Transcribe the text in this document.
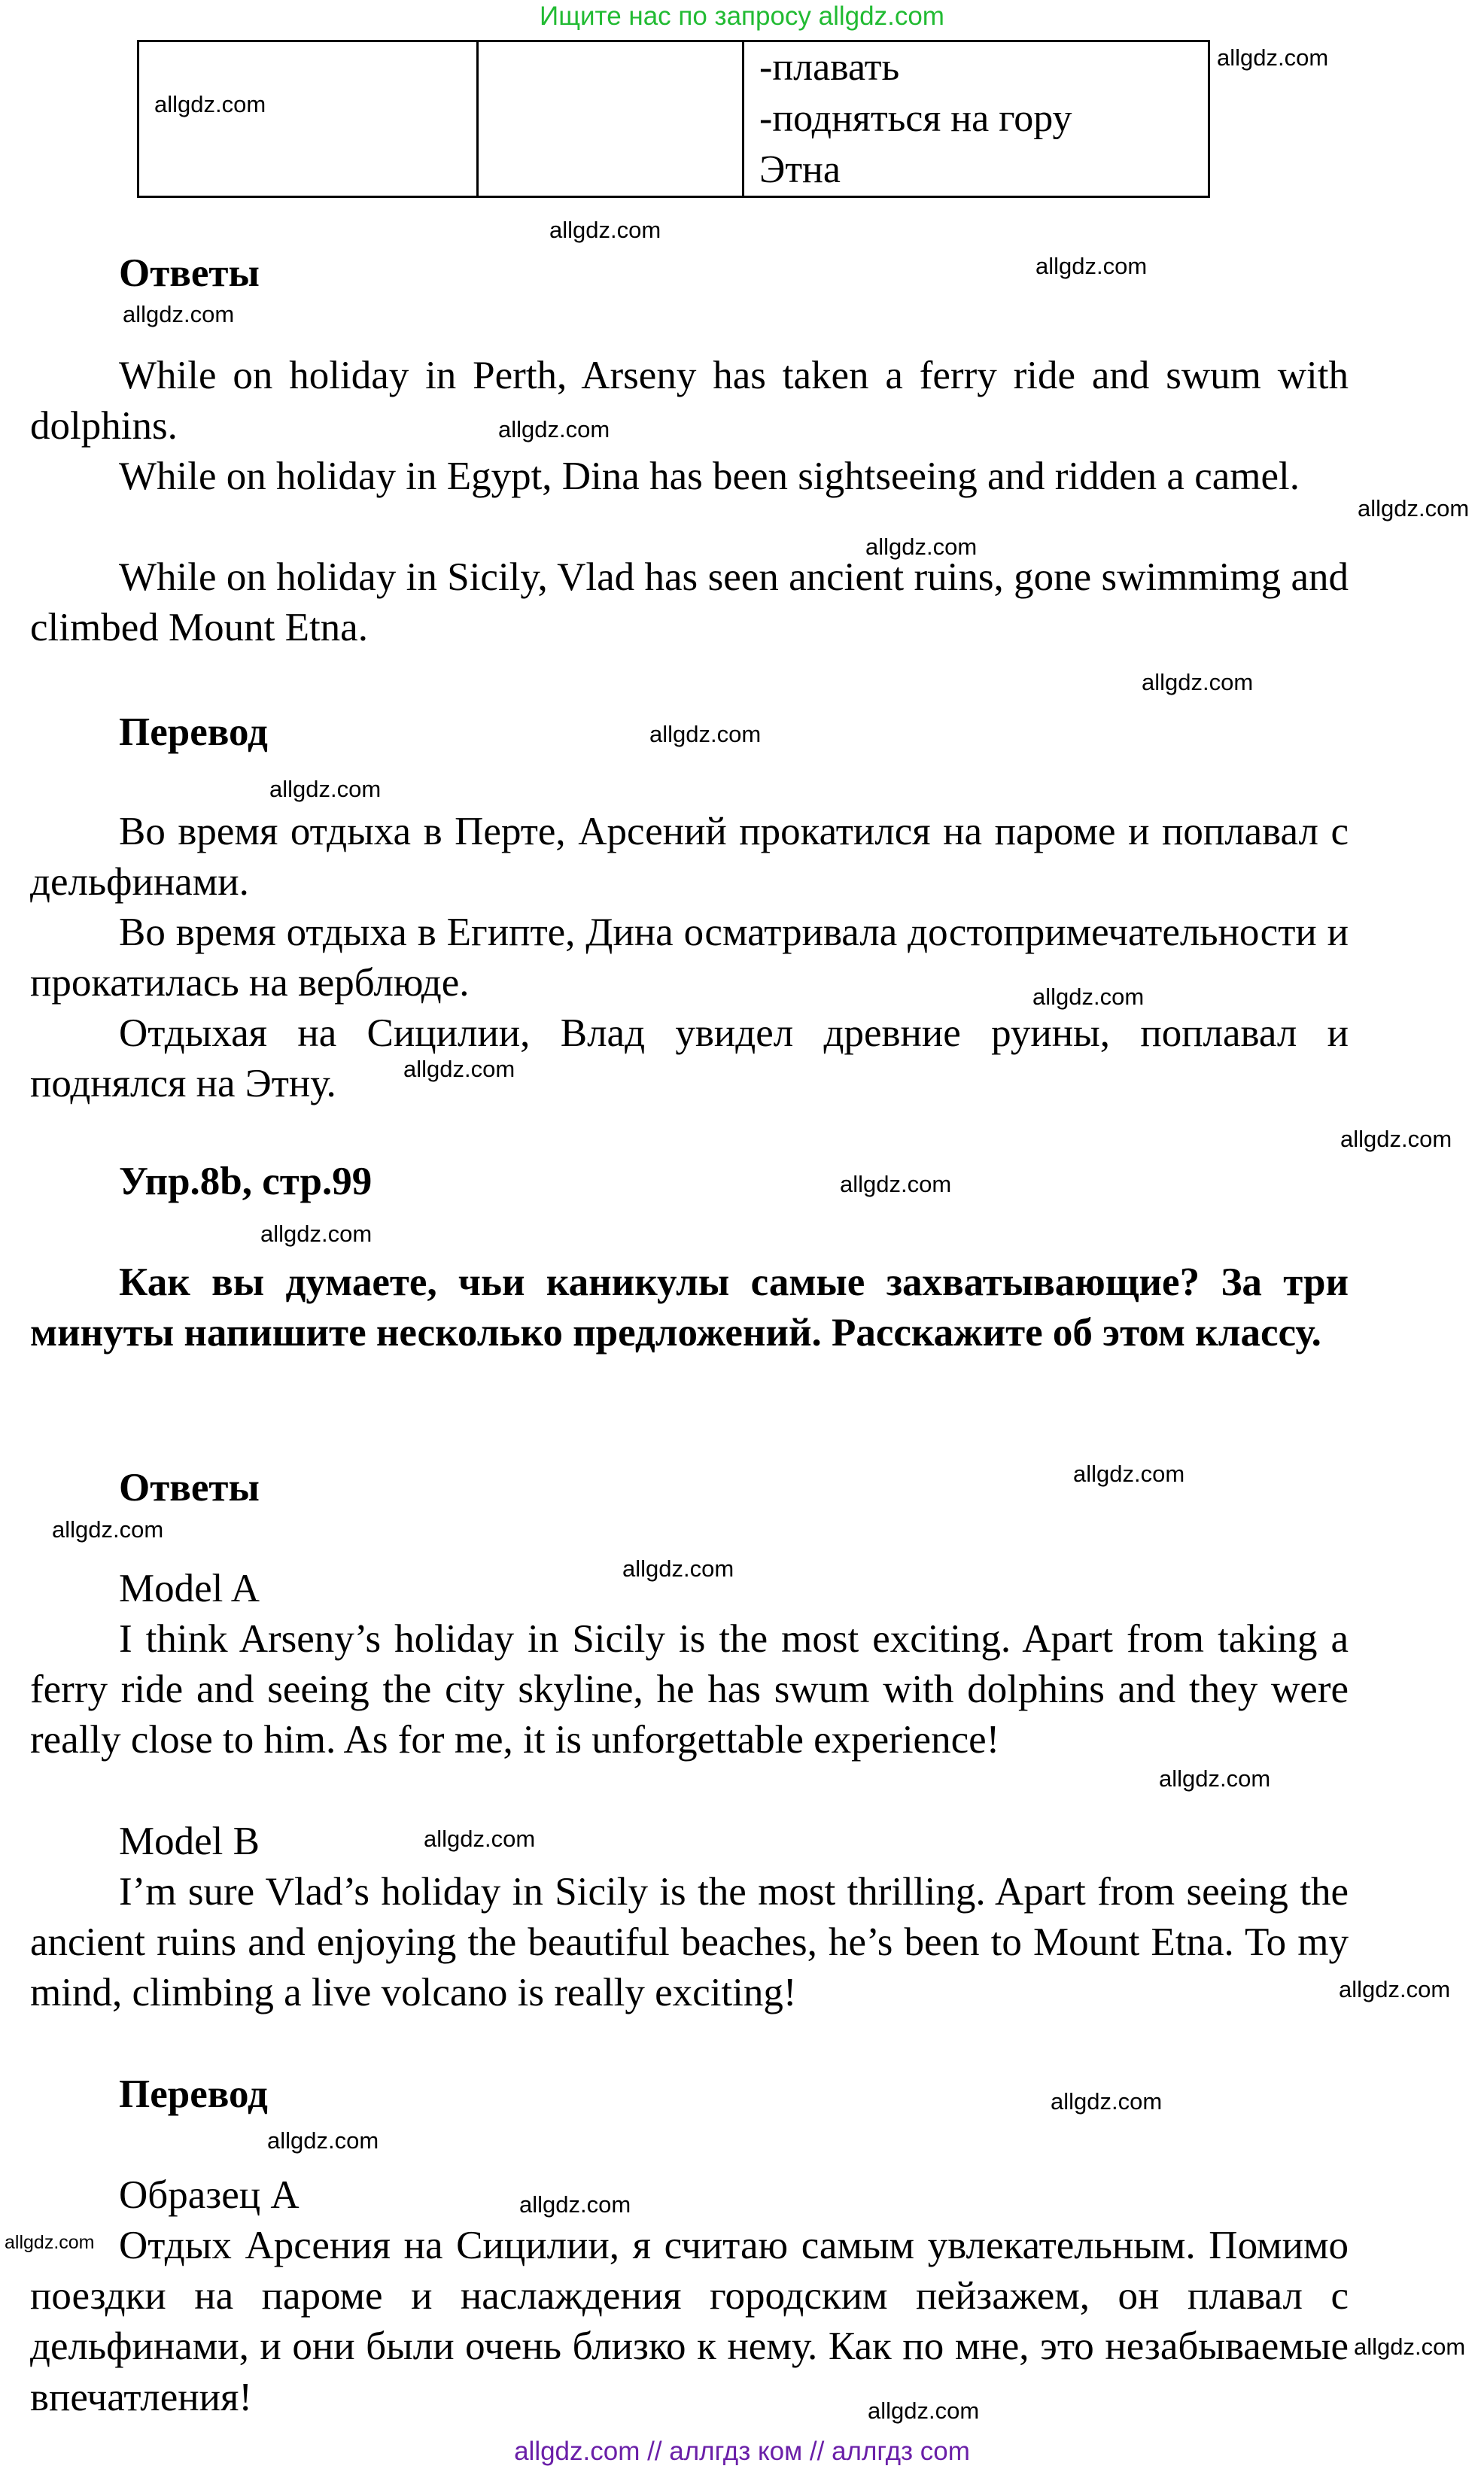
Ищите нас по запросу allgdz.com
		-плавать
-подняться на гору
Этна
Ответы
While on holiday in Perth, Arseny has taken a ferry ride and swum with dolphins.
While on holiday in Egypt, Dina has been sightseeing and ridden a camel.
While on holiday in Sicily, Vlad has seen ancient ruins, gone swimmimg and climbed Mount Etna.
Перевод
Во время отдыха в Перте, Арсений прокатился на пароме и поплавал с дельфинами.
Во время отдыха в Египте, Дина осматривала достопримечательности и прокатилась на верблюде.
Отдыхая на Сицилии, Влад увидел древние руины, поплавал и поднялся на Этну.
Упр.8b, стр.99
Как вы думаете, чьи каникулы самые захватывающие? За три минуты напишите несколько предложений. Расскажите об этом классу.
Ответы
Model A
I think Arseny’s holiday in Sicily is the most exciting. Apart from taking a ferry ride and seeing the city skyline, he has swum with dolphins and they were really close to him. As for me, it is unforgettable experience!
Model B
I’m sure Vlad’s holiday in Sicily is the most thrilling. Apart from seeing the ancient ruins and enjoying the beautiful beaches, he’s been to Mount Etna. To my mind, climbing a live volcano is really exciting!
Перевод
Образец А
Отдых Арсения на Сицилии, я считаю самым увлекательным. Помимо поездки на пароме и наслаждения городским пейзажем, он плавал с дельфинами, и они были очень близко к нему. Как по мне, это незабываемые впечатления!
allgdz.com
allgdz.com
allgdz.com
allgdz.com
allgdz.com
allgdz.com
allgdz.com
allgdz.com
allgdz.com
allgdz.com
allgdz.com
allgdz.com
allgdz.com
allgdz.com
allgdz.com
allgdz.com
allgdz.com
allgdz.com
allgdz.com
allgdz.com
allgdz.com
allgdz.com
allgdz.com
allgdz.com
allgdz.com
allgdz.com
allgdz.com
allgdz.com
allgdz.com // аллгдз ком // аллгдз com
